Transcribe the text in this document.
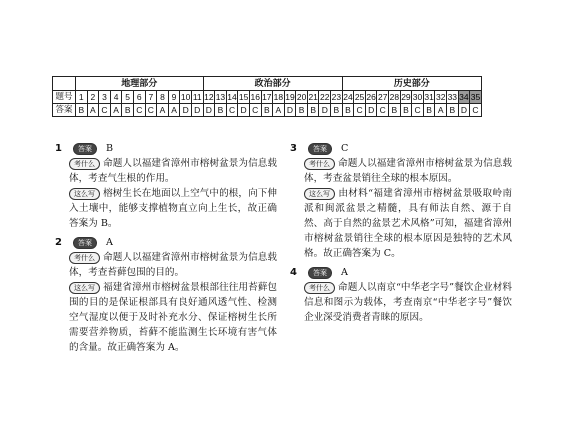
	地理部分											政治部分												历史部分											
题号	1	2	3	4	5	6	7	8	9	10	11	12	13	14	15	16	17	18	19	20	21	22	23	24	25	26	27	28	29	30	31	32	33	34	35
答案	B	A	C	A	B	C	C	A	A	D	D	D	B	C	D	C	B	A	D	B	B	D	B	B	C	D	C	B	B	C	B	A	B	D	C
1	答案	B
考什么 命题人以福建省漳州市榕树盆景为信息载体，考查气生根的作用。
这么写 榕树生长在地面以上空气中的根，向下伸入土壤中，能够支撑植物直立向上生长，故正确答案为 B。
2	答案	A
考什么 命题人以福建省漳州市榕树盆景为信息载体，考查苔藓包围的目的。
这么写 福建省漳州市榕树盆景根部往往用苔藓包围的目的是保证根部具有良好通风透气性、检测空气湿度以便于及时补充水分、保证榕树生长所需要营养物质，苔藓不能监测生长环境有害气体的含量。故正确答案为 A。
3	答案	C
考什么 命题人以福建省漳州市榕树盆景为信息载体，考查盆景销往全球的根本原因。
这么写 由材料“福建省漳州市榕树盆景吸取岭南派和闽派盆景之精髓，具有师法自然、源于自然、高于自然的盆景艺术风格”可知，福建省漳州市榕树盆景销往全球的根本原因是独特的艺术风格。故正确答案为 C。
4	答案	A
考什么 命题人以南京“中华老字号”餐饮企业材料信息和图示为载体，考查南京“中华老字号”餐饮企业深受消费者青睐的原因。
